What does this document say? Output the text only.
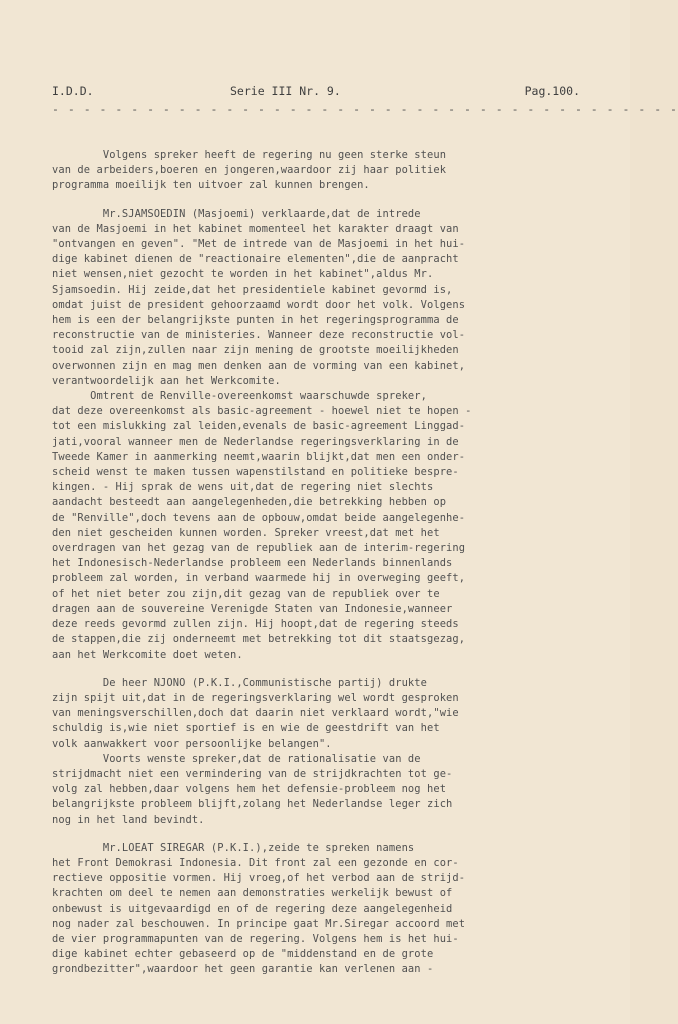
I.D.D.	Serie III Nr. 9.	Pag.100.
- - - - - - - - - - - - - - - - - - - - - - - - - - - - - - - - - - - - - - - -
Volgens spreker heeft de regering nu geen sterke steun
van de arbeiders,boeren en jongeren,waardoor zij haar politiek
programma moeilijk ten uitvoer zal kunnen brengen.
Mr.SJAMSOEDIN (Masjoemi) verklaarde,dat de intrede
van de Masjoemi in het kabinet momenteel het karakter draagt van
"ontvangen en geven". "Met de intrede van de Masjoemi in het hui-
dige kabinet dienen de "reactionaire elementen",die de aanpracht
niet wensen,niet gezocht te worden in het kabinet",aldus Mr.
Sjamsoedin. Hij zeide,dat het presidentiele kabinet gevormd is,
omdat juist de president gehoorzaamd wordt door het volk. Volgens
hem is een der belangrijkste punten in het regeringsprogramma de
reconstructie van de ministeries. Wanneer deze reconstructie vol-
tooid zal zijn,zullen naar zijn mening de grootste moeilijkheden
overwonnen zijn en mag men denken aan de vorming van een kabinet,
verantwoordelijk aan het Werkcomite.
Omtrent de Renville-overeenkomst waarschuwde spreker,
dat deze overeenkomst als basic-agreement - hoewel niet te hopen -
tot een mislukking zal leiden,evenals de basic-agreement Linggad-
jati,vooral wanneer men de Nederlandse regeringsverklaring in de
Tweede Kamer in aanmerking neemt,waarin blijkt,dat men een onder-
scheid wenst te maken tussen wapenstilstand en politieke bespre-
kingen. - Hij sprak de wens uit,dat de regering niet slechts
aandacht besteedt aan aangelegenheden,die betrekking hebben op
de "Renville",doch tevens aan de opbouw,omdat beide aangelegenhe-
den niet gescheiden kunnen worden. Spreker vreest,dat met het
overdragen van het gezag van de republiek aan de interim-regering
het Indonesisch-Nederlandse probleem een Nederlands binnenlands
probleem zal worden, in verband waarmede hij in overweging geeft,
of het niet beter zou zijn,dit gezag van de republiek over te
dragen aan de souvereine Verenigde Staten van Indonesie,wanneer
deze reeds gevormd zullen zijn. Hij hoopt,dat de regering steeds
de stappen,die zij onderneemt met betrekking tot dit staatsgezag,
aan het Werkcomite doet weten.
De heer NJONO (P.K.I.,Communistische partij) drukte
zijn spijt uit,dat in de regeringsverklaring wel wordt gesproken
van meningsverschillen,doch dat daarin niet verklaard wordt,"wie
schuldig is,wie niet sportief is en wie de geestdrift van het
volk aanwakkert voor persoonlijke belangen".
Voorts wenste spreker,dat de rationalisatie van de
strijdmacht niet een vermindering van de strijdkrachten tot ge-
volg zal hebben,daar volgens hem het defensie-probleem nog het
belangrijkste probleem blijft,zolang het Nederlandse leger zich
nog in het land bevindt.
Mr.LOEAT SIREGAR (P.K.I.),zeide te spreken namens
het Front Demokrasi Indonesia. Dit front zal een gezonde en cor-
rectieve oppositie vormen. Hij vroeg,of het verbod aan de strijd-
krachten om deel te nemen aan demonstraties werkelijk bewust of
onbewust is uitgevaardigd en of de regering deze aangelegenheid
nog nader zal beschouwen. In principe gaat Mr.Siregar accoord met
de vier programmapunten van de regering. Volgens hem is het hui-
dige kabinet echter gebaseerd op de "middenstand en de grote
grondbezitter",waardoor het geen garantie kan verlenen aan -
